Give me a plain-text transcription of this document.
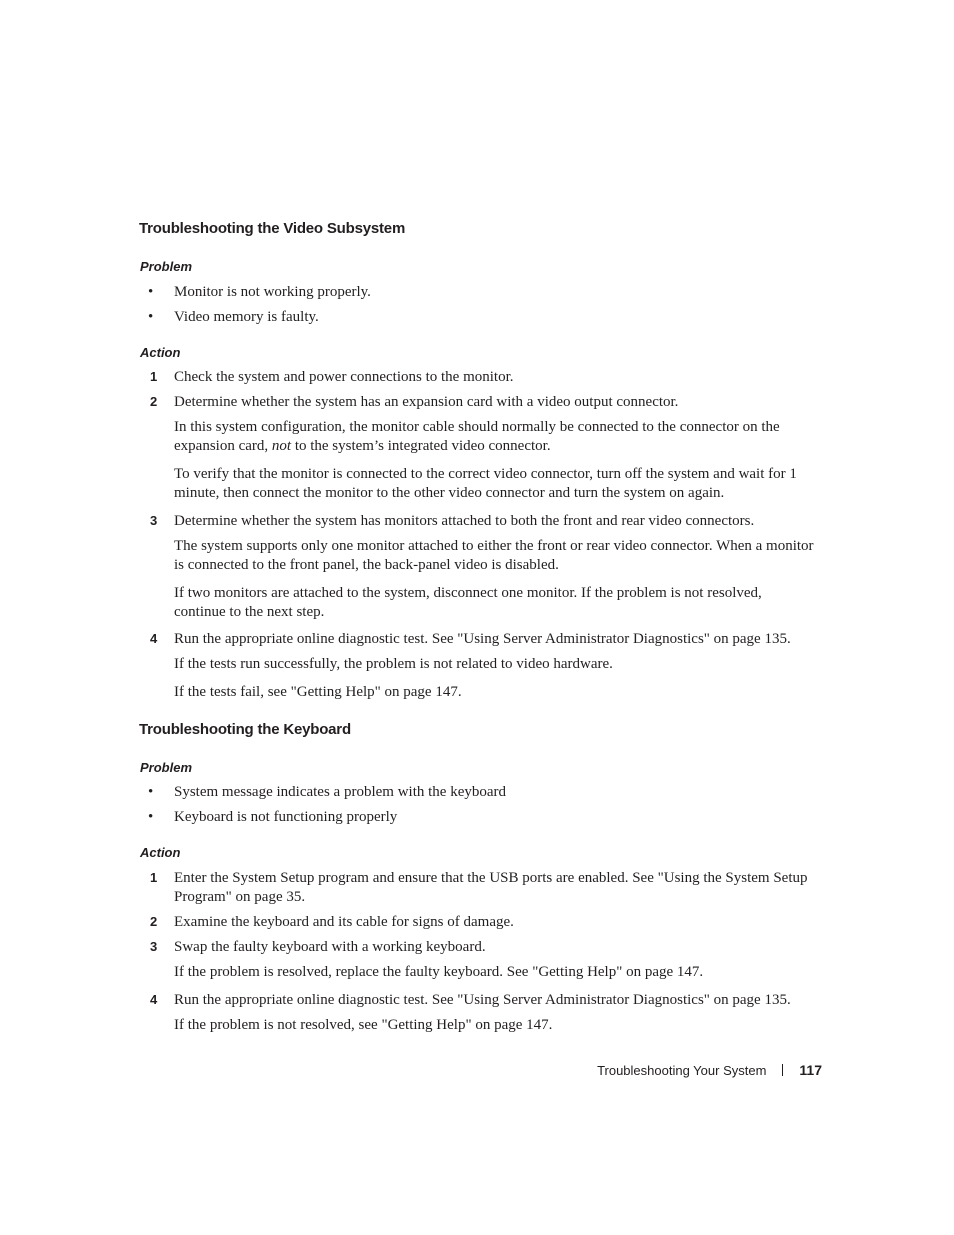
Troubleshooting the Video Subsystem
Problem
• Monitor is not working properly.
• Video memory is faulty.
Action
1 Check the system and power connections to the monitor.
2 Determine whether the system has an expansion card with a video output connector.
In this system configuration, the monitor cable should normally be connected to the connector on the expansion card, not to the system’s integrated video connector.
To verify that the monitor is connected to the correct video connector, turn off the system and wait for 1 minute, then connect the monitor to the other video connector and turn the system on again.
3 Determine whether the system has monitors attached to both the front and rear video connectors.
The system supports only one monitor attached to either the front or rear video connector. When a monitor is connected to the front panel, the back-panel video is disabled.
If two monitors are attached to the system, disconnect one monitor. If the problem is not resolved, continue to the next step.
4 Run the appropriate online diagnostic test. See "Using Server Administrator Diagnostics" on page 135.
If the tests run successfully, the problem is not related to video hardware.
If the tests fail, see "Getting Help" on page 147.
Troubleshooting the Keyboard
Problem
• System message indicates a problem with the keyboard
• Keyboard is not functioning properly
Action
1 Enter the System Setup program and ensure that the USB ports are enabled. See "Using the System Setup Program" on page 35.
2 Examine the keyboard and its cable for signs of damage.
3 Swap the faulty keyboard with a working keyboard.
If the problem is resolved, replace the faulty keyboard. See "Getting Help" on page 147.
4 Run the appropriate online diagnostic test. See "Using Server Administrator Diagnostics" on page 135.
If the problem is not resolved, see "Getting Help" on page 147.
Troubleshooting Your System 117
